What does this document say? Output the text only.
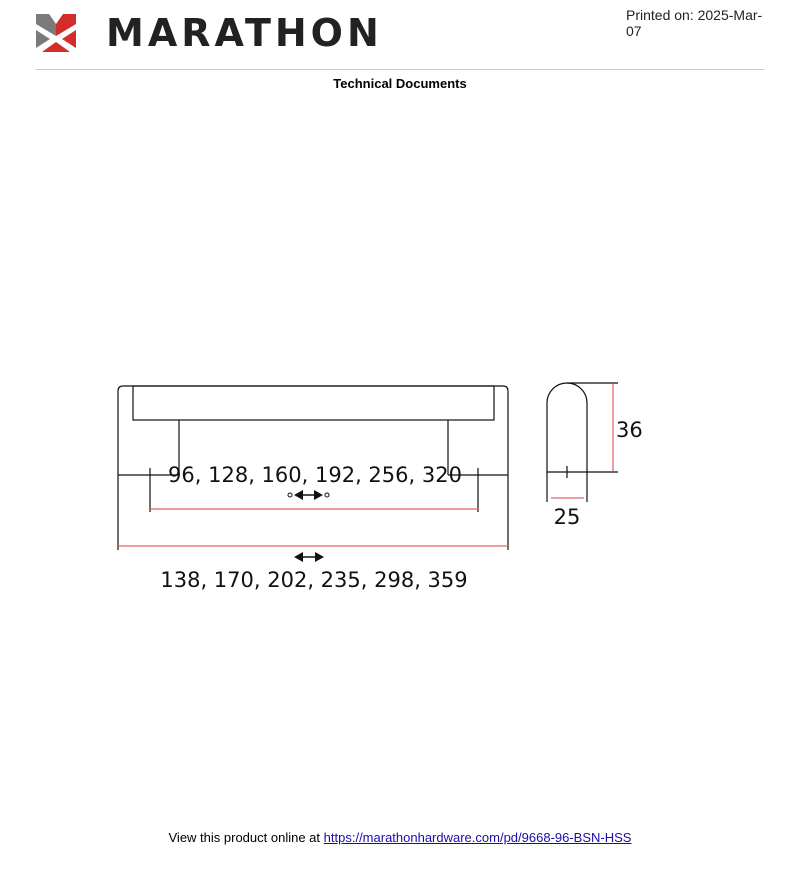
MARATHON	Printed on: 2025-Mar-07
Technical Documents
96, 128, 160, 192, 256, 320
138, 170, 202, 235, 298, 359
36
25
View this product online at https://marathonhardware.com/pd/9668-96-BSN-HSS
